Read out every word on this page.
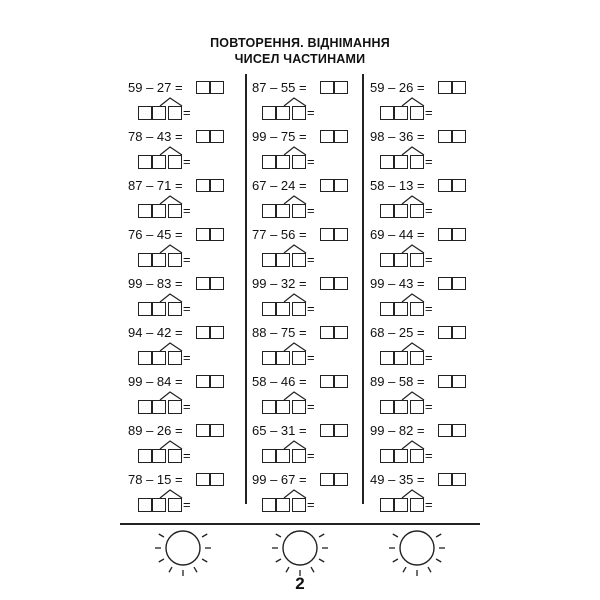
ПОВТОРЕННЯ. ВІДНІМАННЯ
ЧИСЕЛ ЧАСТИНАМИ
59 – 27 =
=
78 – 43 =
=
87 – 71 =
=
76 – 45 =
=
99 – 83 =
=
94 – 42 =
=
99 – 84 =
=
89 – 26 =
=
78 – 15 =
=
87 – 55 =
=
99 – 75 =
=
67 – 24 =
=
77 – 56 =
=
99 – 32 =
=
88 – 75 =
=
58 – 46 =
=
65 – 31 =
=
99 – 67 =
=
59 – 26 =
=
98 – 36 =
=
58 – 13 =
=
69 – 44 =
=
99 – 43 =
=
68 – 25 =
=
89 – 58 =
=
99 – 82 =
=
49 – 35 =
=
2
